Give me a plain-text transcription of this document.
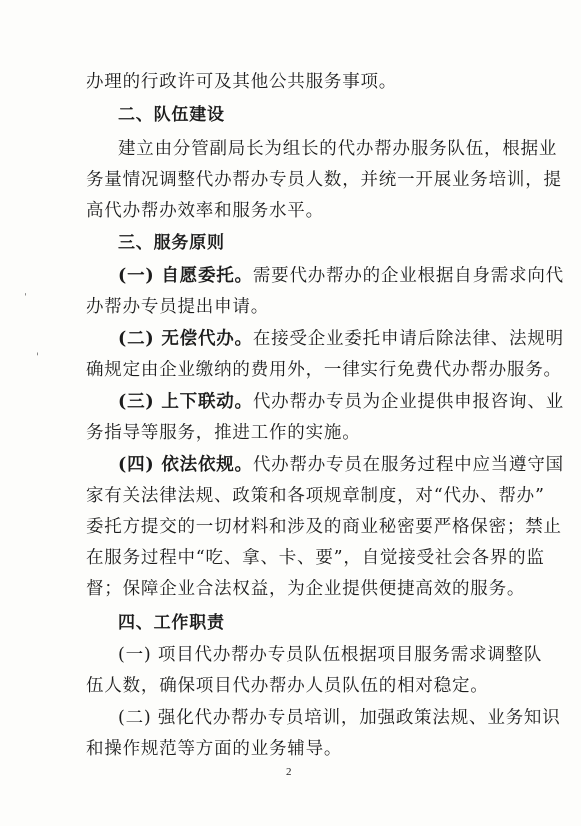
ˌ
'
办理的行政许可及其他公共服务事项。
二、队伍建设
建立由分管副局长为组长的代办帮办服务队伍，根据业
务量情况调整代办帮办专员人数，并统一开展业务培训，提
高代办帮办效率和服务水平。
三、服务原则
(一) 自愿委托。需要代办帮办的企业根据自身需求向代
办帮办专员提出申请。
(二) 无偿代办。在接受企业委托申请后除法律、法规明
确规定由企业缴纳的费用外，一律实行免费代办帮办服务。
(三) 上下联动。代办帮办专员为企业提供申报咨询、业
务指导等服务，推进工作的实施。
(四) 依法依规。代办帮办专员在服务过程中应当遵守国
家有关法律法规、政策和各项规章制度，对“代办、帮办”
委托方提交的一切材料和涉及的商业秘密要严格保密；禁止
在服务过程中“吃、拿、卡、要”，自觉接受社会各界的监
督；保障企业合法权益，为企业提供便捷高效的服务。
四、工作职责
(一) 项目代办帮办专员队伍根据项目服务需求调整队
伍人数，确保项目代办帮办人员队伍的相对稳定。
(二) 强化代办帮办专员培训，加强政策法规、业务知识
和操作规范等方面的业务辅导。
2
